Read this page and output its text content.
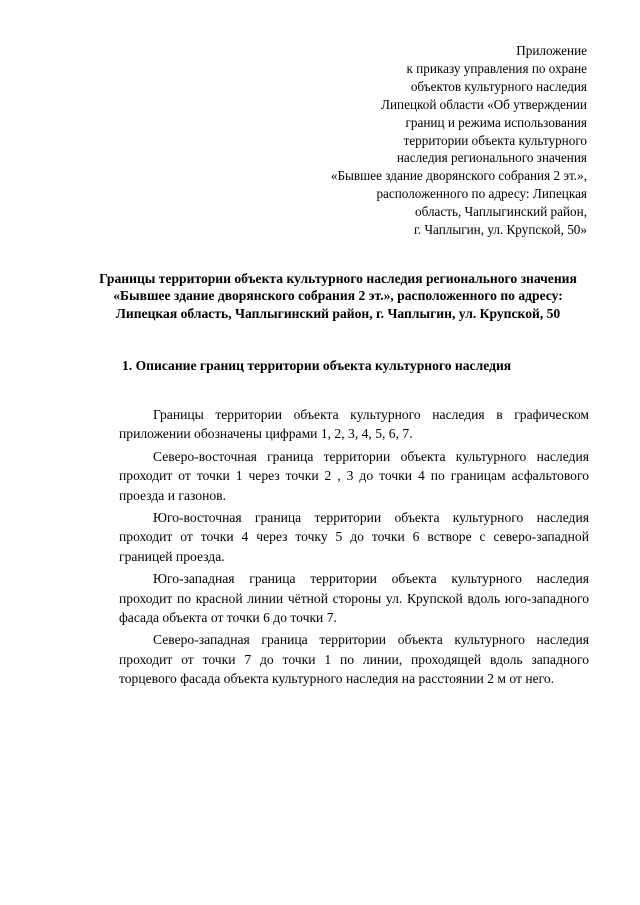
Приложение
к приказу управления по охране
объектов культурного наследия
Липецкой области «Об утверждении
границ и режима использования
территории объекта культурного
наследия регионального значения
«Бывшее здание дворянского собрания 2 эт.»,
расположенного по адресу: Липецкая
область, Чаплыгинский район,
г. Чаплыгин, ул. Крупской, 50»
Границы территории объекта культурного наследия регионального значения «Бывшее здание дворянского собрания 2 эт.», расположенного по адресу: Липецкая область, Чаплыгинский район, г. Чаплыгин, ул. Крупской, 50
1. Описание границ территории объекта культурного наследия

Границы территории объекта культурного наследия в графическом приложении обозначены цифрами 1, 2, 3, 4, 5, 6, 7.

Северо-восточная граница территории объекта культурного наследия проходит от точки 1 через точки 2 , 3 до точки 4 по границам асфальтового проезда и газонов.

Юго-восточная граница территории объекта культурного наследия проходит от точки 4 через точку 5 до точки 6 встворе с северо-западной границей проезда.

Юго-западная граница территории объекта культурного наследия проходит по красной линии чётной стороны ул. Крупской вдоль юго-западного фасада объекта от точки 6 до точки 7.

Северо-западная граница территории объекта культурного наследия проходит от точки 7 до точки 1 по линии, проходящей вдоль западного торцевого фасада объекта культурного наследия на расстоянии 2 м от него.
